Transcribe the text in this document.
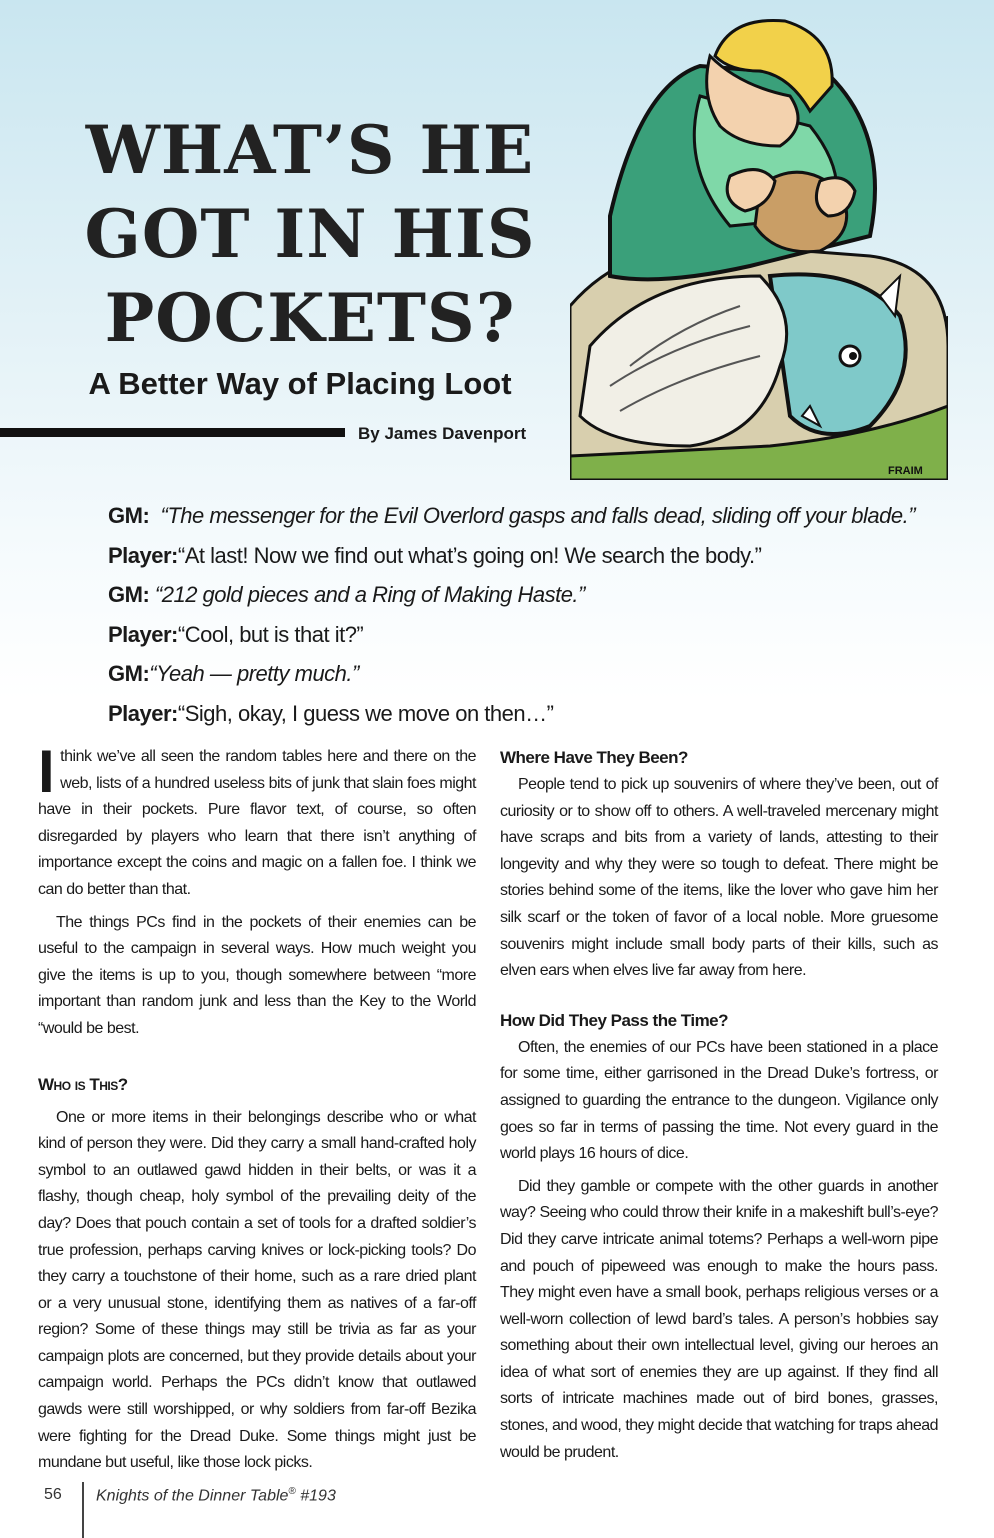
WHAT’S HE GOT IN HIS POCKETS?
A Better Way of Placing Loot
By James Davenport
FRAIM
GM: “The messenger for the Evil Overlord gasps and falls dead, sliding off your blade.”
Player:“At last! Now we find out what’s going on! We search the body.”
GM: “212 gold pieces and a Ring of Making Haste.”
Player:“Cool, but is that it?”
GM:“Yeah — pretty much.”
Player:“Sigh, okay, I guess we move on then…”

Ithink we’ve all seen the random tables here and there on the web, lists of a hundred useless bits of junk that slain foes might have in their pockets. Pure flavor text, of course, so often disregarded by players who learn that there isn’t anything of importance except the coins and magic on a fallen foe. I think we can do better than that.

The things PCs find in the pockets of their enemies can be useful to the campaign in several ways. How much weight you give the items is up to you, though somewhere between “more important than random junk and less than the Key to the World “would be best.

Who is This?

One or more items in their belongings describe who or what kind of person they were. Did they carry a small hand-crafted holy symbol to an outlawed gawd hidden in their belts, or was it a flashy, though cheap, holy symbol of the prevailing deity of the day? Does that pouch contain a set of tools for a drafted soldier’s true profession, perhaps carving knives or lock-picking tools? Do they carry a touchstone of their home, such as a rare dried plant or a very unusual stone, identifying them as natives of a far-off region? Some of these things may still be trivia as far as your campaign plots are concerned, but they provide details about your campaign world. Perhaps the PCs didn’t know that outlawed gawds were still worshipped, or why soldiers from far-off Bezika were fighting for the Dread Duke. Some things might just be mundane but useful, like those lock picks.

Where Have They Been?

People tend to pick up souvenirs of where they’ve been, out of curiosity or to show off to others. A well-traveled mercenary might have scraps and bits from a variety of lands, attesting to their longevity and why they were so tough to defeat. There might be stories behind some of the items, like the lover who gave him her silk scarf or the token of favor of a local noble. More gruesome souvenirs might include small body parts of their kills, such as elven ears when elves live far away from here.

How Did They Pass the Time?

Often, the enemies of our PCs have been stationed in a place for some time, either garrisoned in the Dread Duke’s fortress, or assigned to guarding the entrance to the dungeon. Vigilance only goes so far in terms of passing the time. Not every guard in the world plays 16 hours of dice.

Did they gamble or compete with the other guards in another way? Seeing who could throw their knife in a makeshift bull’s-eye? Did they carve intricate animal totems? Perhaps a well-worn pipe and pouch of pipeweed was enough to make the hours pass. They might even have a small book, perhaps religious verses or a well-worn collection of lewd bard’s tales. A person’s hobbies say something about their own intellectual level, giving our heroes an idea of what sort of enemies they are up against. If they find all sorts of intricate machines made out of bird bones, grasses, stones, and wood, they might decide that watching for traps ahead would be prudent.

56 Knights of the Dinner Table® #193
